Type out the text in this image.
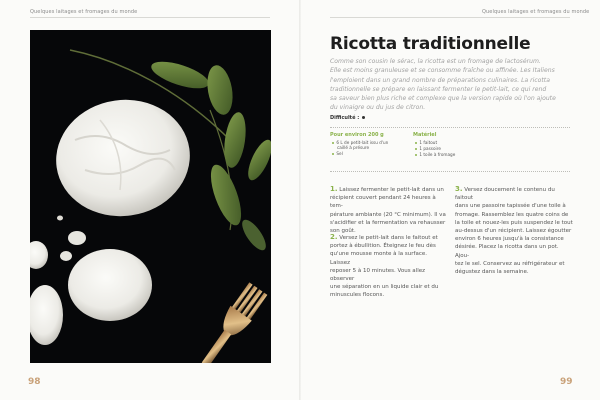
Quelques laitages et fromages du monde
98
Quelques laitages et fromages du monde
Ricotta traditionnelle
Comme son cousin le sérac, la ricotta est un fromage de lactosérum.
Elle est moins granuleuse et se consomme fraîche ou affinée. Les Italiens
l'emploient dans un grand nombre de préparations culinaires. La ricotta
traditionnelle se prépare en laissant fermenter le petit-lait, ce qui rend
sa saveur bien plus riche et complexe que la version rapide où l'on ajoute
du vinaigre ou du jus de citron.
Difficulté :
Pour environ 200 g
6 L de petit-lait issu d'un
caillé à présure
Sel
Matériel
1 faitout
1 passoire
1 toile à fromage
1. Laissez fermenter le petit-lait dans un
récipient couvert pendant 24 heures à tem-
pérature ambiante (20 °C minimum). Il va
s'acidifier et la fermentation va rehausser
son goût.
2. Versez le petit-lait dans le faitout et
portez à ébullition. Éteignez le feu dès
qu'une mousse monte à la surface. Laissez
reposer 5 à 10 minutes. Vous allez observer
une séparation en un liquide clair et du
minuscules flocons.
3. Versez doucement le contenu du faitout
dans une passoire tapissée d'une toile à
fromage. Rassemblez les quatre coins de
la toile et nouez-les puis suspendez le tout
au-dessus d'un récipient. Laissez égoutter
environ 6 heures jusqu'à la consistance
désirée. Placez la ricotta dans un pot. Ajou-
tez le sel. Conservez au réfrigérateur et
dégustez dans la semaine.
99
